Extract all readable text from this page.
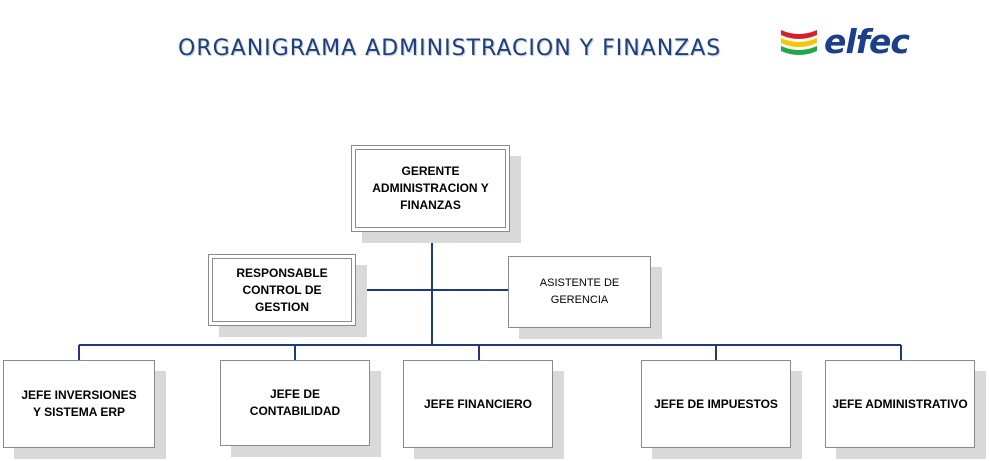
ORGANIGRAMA ADMINISTRACION Y FINANZAS	elfec
GERENTE ADMINISTRACION Y FINANZAS
RESPONSABLE CONTROL DE GESTION
ASISTENTE DE GERENCIA
JEFE INVERSIONES Y SISTEMA ERP
JEFE DE CONTABILIDAD
JEFE FINANCIERO	JEFE DE IMPUESTOS	JEFE ADMINISTRATIVO
